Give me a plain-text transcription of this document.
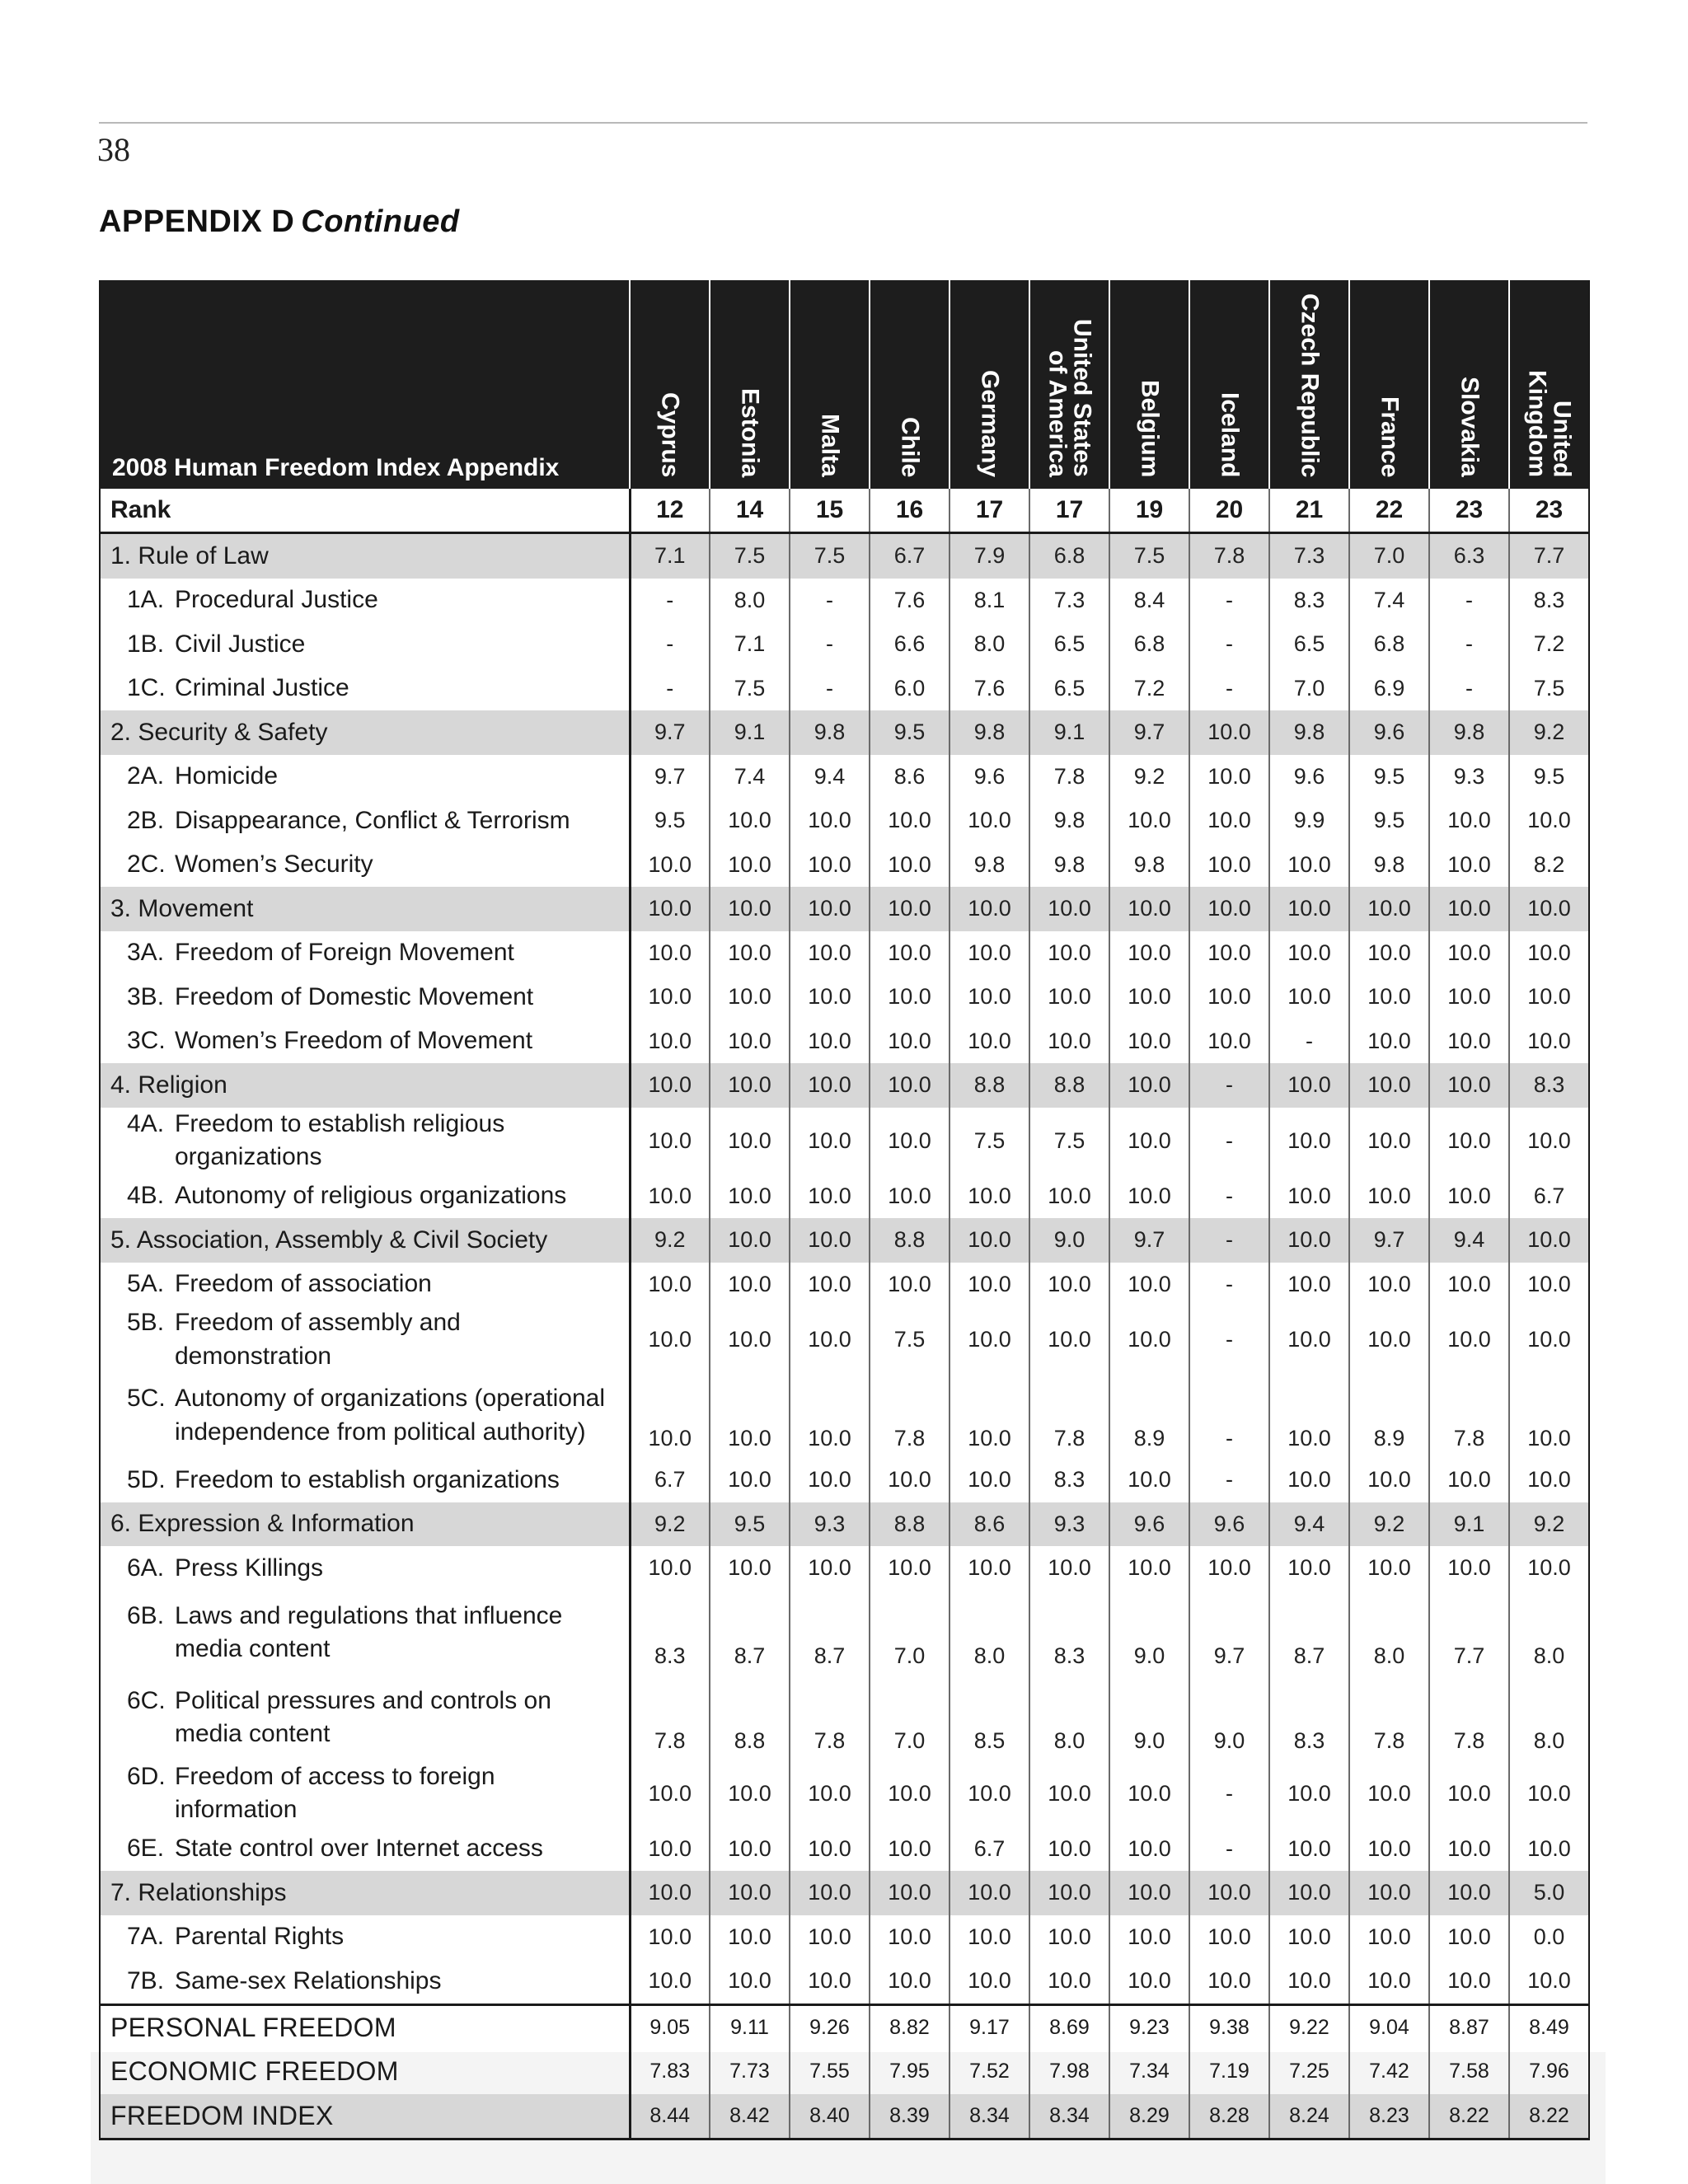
38
APPENDIX D Continued
2008 Human Freedom Index Appendix	Cyprus	Estonia	Malta	Chile	Germany	United States
of America	Belgium	Iceland	Czech Republic	France	Slovakia	United
Kingdom

Rank	12	14	15	16	17	17	19	20	21	22	23	23
1. Rule of Law	7.1	7.5	7.5	6.7	7.9	6.8	7.5	7.8	7.3	7.0	6.3	7.7
1A. Procedural Justice	-	8.0	-	7.6	8.1	7.3	8.4	-	8.3	7.4	-	8.3
1B. Civil Justice	-	7.1	-	6.6	8.0	6.5	6.8	-	6.5	6.8	-	7.2
1C. Criminal Justice	-	7.5	-	6.0	7.6	6.5	7.2	-	7.0	6.9	-	7.5
2. Security & Safety	9.7	9.1	9.8	9.5	9.8	9.1	9.7	10.0	9.8	9.6	9.8	9.2
2A. Homicide	9.7	7.4	9.4	8.6	9.6	7.8	9.2	10.0	9.6	9.5	9.3	9.5
2B. Disappearance, Conflict & Terrorism	9.5	10.0	10.0	10.0	10.0	9.8	10.0	10.0	9.9	9.5	10.0	10.0
2C. Women’s Security	10.0	10.0	10.0	10.0	9.8	9.8	9.8	10.0	10.0	9.8	10.0	8.2
3. Movement	10.0	10.0	10.0	10.0	10.0	10.0	10.0	10.0	10.0	10.0	10.0	10.0
3A. Freedom of Foreign Movement	10.0	10.0	10.0	10.0	10.0	10.0	10.0	10.0	10.0	10.0	10.0	10.0
3B. Freedom of Domestic Movement	10.0	10.0	10.0	10.0	10.0	10.0	10.0	10.0	10.0	10.0	10.0	10.0
3C. Women’s Freedom of Movement	10.0	10.0	10.0	10.0	10.0	10.0	10.0	10.0	-	10.0	10.0	10.0
4. Religion	10.0	10.0	10.0	10.0	8.8	8.8	10.0	-	10.0	10.0	10.0	8.3
4A. Freedom to establish religious organizations	10.0	10.0	10.0	10.0	7.5	7.5	10.0	-	10.0	10.0	10.0	10.0
4B. Autonomy of religious organizations	10.0	10.0	10.0	10.0	10.0	10.0	10.0	-	10.0	10.0	10.0	6.7
5. Association, Assembly & Civil Society	9.2	10.0	10.0	8.8	10.0	9.0	9.7	-	10.0	9.7	9.4	10.0
5A. Freedom of association	10.0	10.0	10.0	10.0	10.0	10.0	10.0	-	10.0	10.0	10.0	10.0
5B. Freedom of assembly and demonstration	10.0	10.0	10.0	7.5	10.0	10.0	10.0	-	10.0	10.0	10.0	10.0
5C. Autonomy of organizations (operational independence from political authority)	10.0	10.0	10.0	7.8	10.0	7.8	8.9	-	10.0	8.9	7.8	10.0
5D. Freedom to establish organizations	6.7	10.0	10.0	10.0	10.0	8.3	10.0	-	10.0	10.0	10.0	10.0
6. Expression & Information	9.2	9.5	9.3	8.8	8.6	9.3	9.6	9.6	9.4	9.2	9.1	9.2
6A. Press Killings	10.0	10.0	10.0	10.0	10.0	10.0	10.0	10.0	10.0	10.0	10.0	10.0
6B. Laws and regulations that influence media content	8.3	8.7	8.7	7.0	8.0	8.3	9.0	9.7	8.7	8.0	7.7	8.0
6C. Political pressures and controls on media content	7.8	8.8	7.8	7.0	8.5	8.0	9.0	9.0	8.3	7.8	7.8	8.0
6D. Freedom of access to foreign information	10.0	10.0	10.0	10.0	10.0	10.0	10.0	-	10.0	10.0	10.0	10.0
6E. State control over Internet access	10.0	10.0	10.0	10.0	6.7	10.0	10.0	-	10.0	10.0	10.0	10.0
7. Relationships	10.0	10.0	10.0	10.0	10.0	10.0	10.0	10.0	10.0	10.0	10.0	5.0
7A. Parental Rights	10.0	10.0	10.0	10.0	10.0	10.0	10.0	10.0	10.0	10.0	10.0	0.0
7B. Same-sex Relationships	10.0	10.0	10.0	10.0	10.0	10.0	10.0	10.0	10.0	10.0	10.0	10.0
PERSONAL FREEDOM	9.05	9.11	9.26	8.82	9.17	8.69	9.23	9.38	9.22	9.04	8.87	8.49
ECONOMIC FREEDOM	7.83	7.73	7.55	7.95	7.52	7.98	7.34	7.19	7.25	7.42	7.58	7.96
FREEDOM INDEX	8.44	8.42	8.40	8.39	8.34	8.34	8.29	8.28	8.24	8.23	8.22	8.22
